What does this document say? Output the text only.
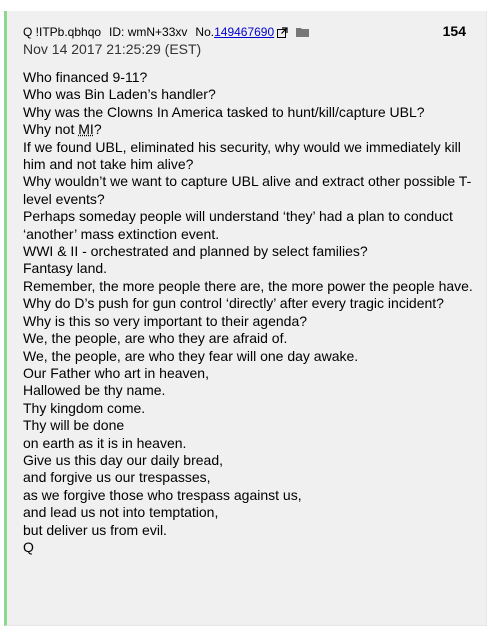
Q !ITPb.qbhqo ID: wmN+33xv No. 149467690	154
Nov 14 2017 21:25:29 (EST)
Who financed 9-11?
Who was Bin Laden’s handler?
Why was the Clowns In America tasked to hunt/kill/capture UBL?
Why not MI?
If we found UBL, eliminated his security, why would we immediately kill him and not take him alive?
Why wouldn’t we want to capture UBL alive and extract other possible T-level events?
Perhaps someday people will understand ‘they’ had a plan to conduct ‘another’ mass extinction event.
WWI & II - orchestrated and planned by select families?
Fantasy land.
Remember, the more people there are, the more power the people have.
Why do D’s push for gun control ‘directly’ after every tragic incident?
Why is this so very important to their agenda?
We, the people, are who they are afraid of.
We, the people, are who they fear will one day awake.
Our Father who art in heaven,
Hallowed be thy name.
Thy kingdom come.
Thy will be done
on earth as it is in heaven.
Give us this day our daily bread,
and forgive us our trespasses,
as we forgive those who trespass against us,
and lead us not into temptation,
but deliver us from evil.
Q
